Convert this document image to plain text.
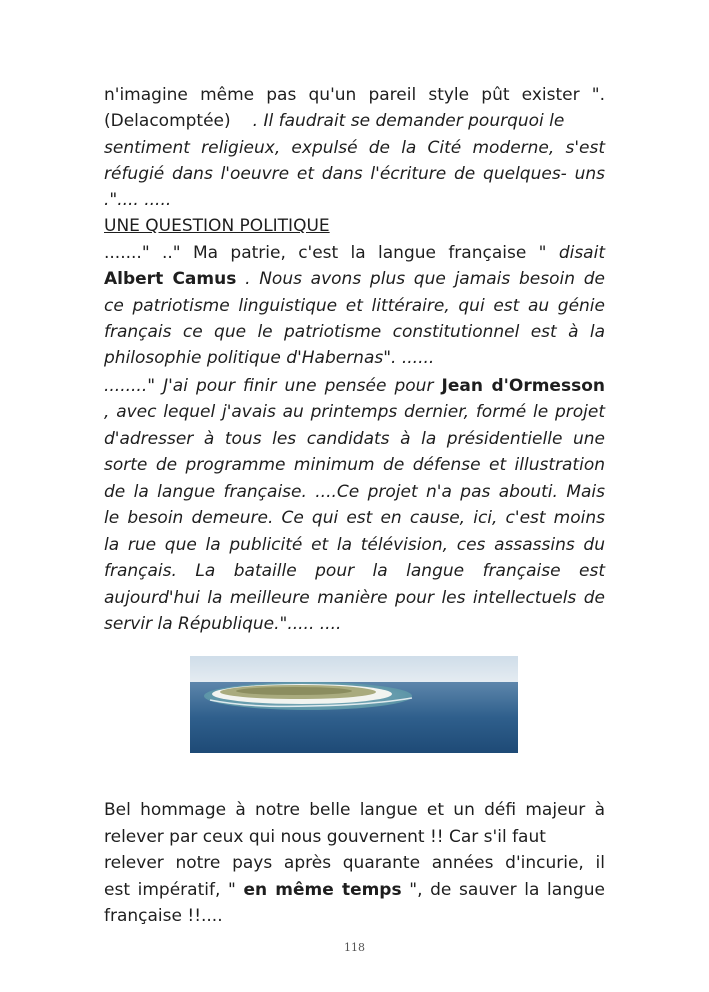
n'imagine même pas qu'un pareil style pût exister ".
(Delacomptée) . Il faudrait se demander pourquoi le
sentiment religieux, expulsé de la Cité moderne, s'est
réfugié dans l'oeuvre et dans l'écriture de quelques- uns
.".... .....
UNE QUESTION POLITIQUE
......." .." Ma patrie, c'est la langue française " disait
Albert Camus . Nous avons plus que jamais besoin de
ce patriotisme linguistique et littéraire, qui est au génie
français ce que le patriotisme constitutionnel est à la
philosophie politique d'Habernas". ......
........" J'ai pour finir une pensée pour Jean d'Ormesson
, avec lequel j'avais au printemps dernier, formé le projet
d'adresser à tous les candidats à la présidentielle une
sorte de programme minimum de défense et illustration
de la langue française. ....Ce projet n'a pas abouti. Mais
le besoin demeure. Ce qui est en cause, ici, c'est moins
la rue que la publicité et la télévision, ces assassins du
français. La bataille pour la langue française est
aujourd'hui la meilleure manière pour les intellectuels de
servir la République."..... ....
Bel hommage à notre belle langue et un défi majeur à
relever par ceux qui nous gouvernent !! Car s'il faut
relever notre pays après quarante années d'incurie, il
est impératif, " en même temps ", de sauver la langue
française !!....
118
